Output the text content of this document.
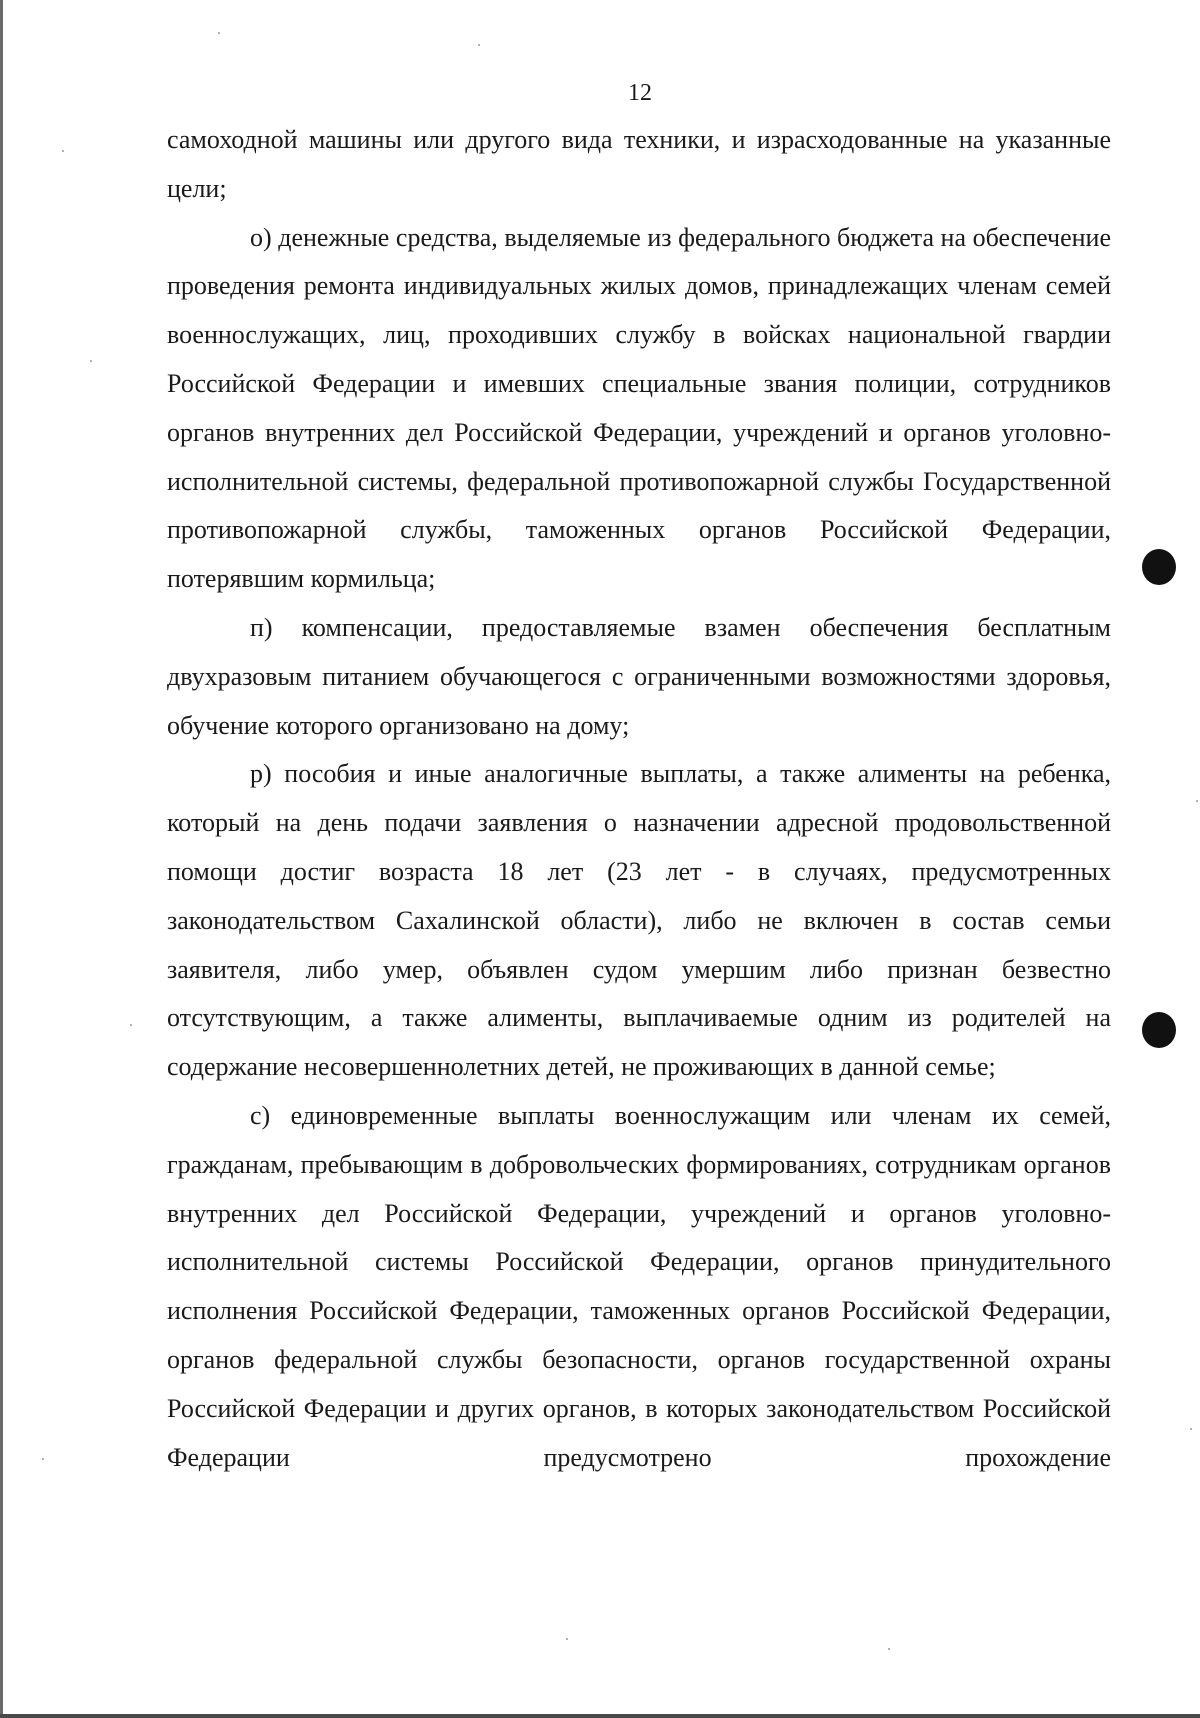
12

самоходной машины или другого вида техники, и израсходованные на указанные цели;

о) денежные средства, выделяемые из федерального бюджета на обеспечение проведения ремонта индивидуальных жилых домов, принадлежащих членам семей военнослужащих, лиц, проходивших службу в войсках национальной гвардии Российской Федерации и имевших специальные звания полиции, сотрудников органов внутренних дел Российской Федерации, учреждений и органов уголовно-исполнительной системы, федеральной противопожарной службы Государственной противопожарной службы, таможенных органов Российской Федерации, потерявшим кормильца;

п) компенсации, предоставляемые взамен обеспечения бесплатным двухразовым питанием обучающегося с ограниченными возможностями здоровья, обучение которого организовано на дому;

р) пособия и иные аналогичные выплаты, а также алименты на ребенка, который на день подачи заявления о назначении адресной продовольственной помощи достиг возраста 18 лет (23 лет - в случаях, предусмотренных законодательством Сахалинской области), либо не включен в состав семьи заявителя, либо умер, объявлен судом умершим либо признан безвестно отсутствующим, а также алименты, выплачиваемые одним из родителей на содержание несовершеннолетних детей, не проживающих в данной семье;

с) единовременные выплаты военнослужащим или членам их семей, гражданам, пребывающим в добровольческих формированиях, сотрудникам органов внутренних дел Российской Федерации, учреждений и органов уголовно-исполнительной системы Российской Федерации, органов принудительного исполнения Российской Федерации, таможенных органов Российской Федерации, органов федеральной службы безопасности, органов государственной охраны Российской Федерации и других органов, в которых законодательством Российской Федерации предусмотрено прохождение
